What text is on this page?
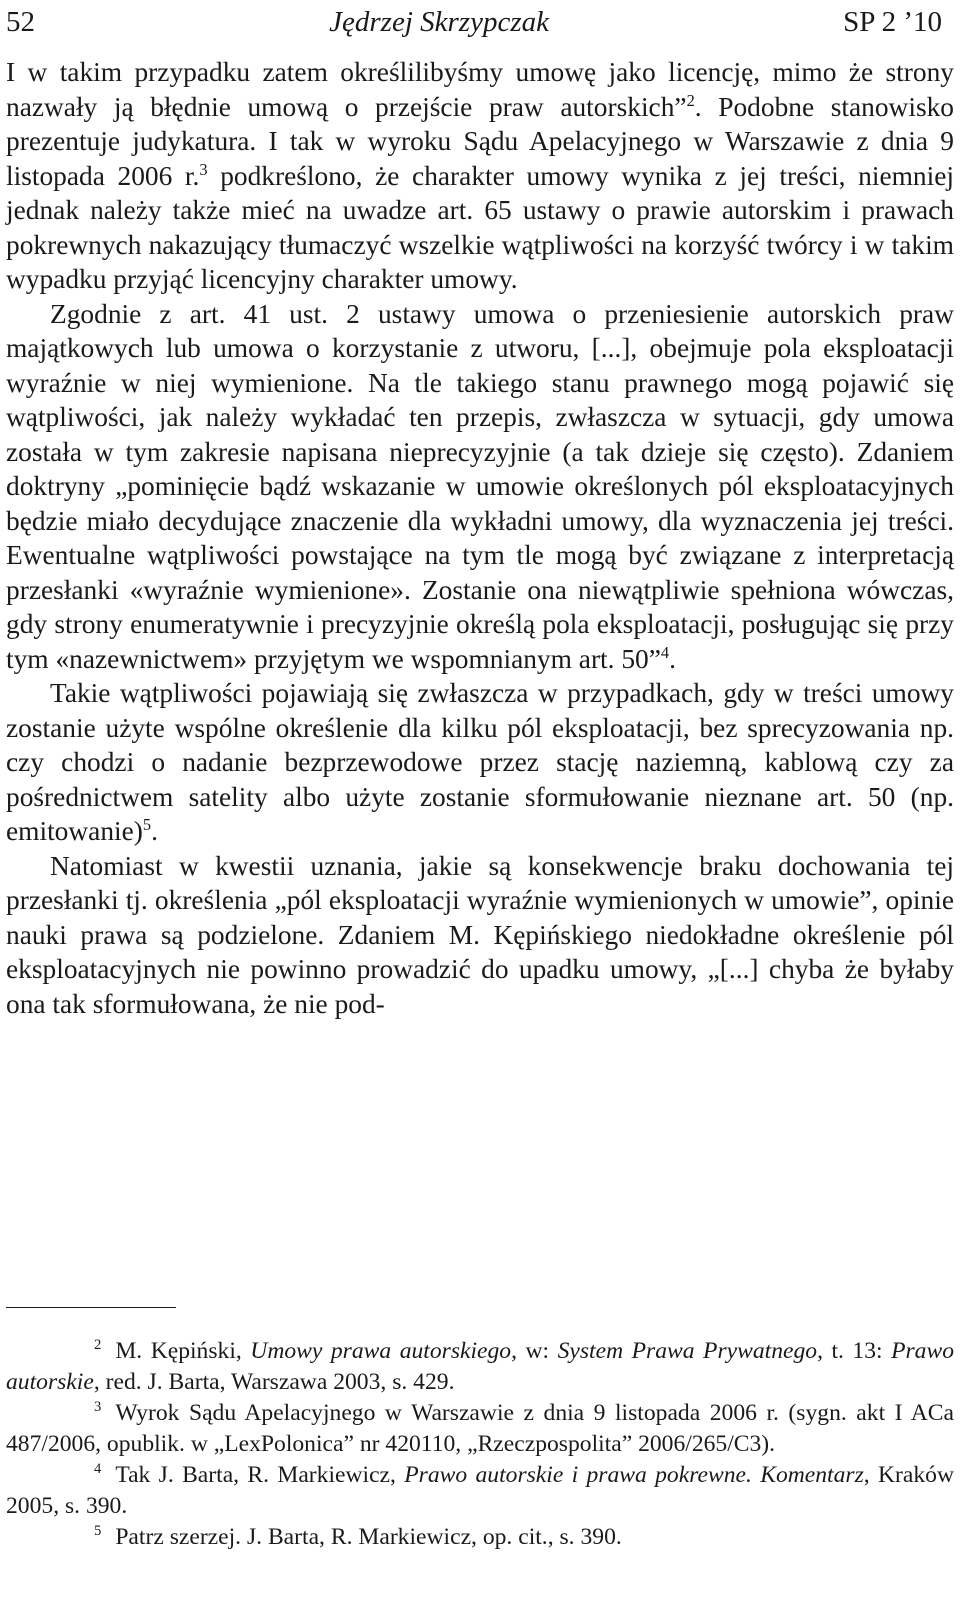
52	Jędrzej Skrzypczak	SP 2 ’10

I w takim przypadku zatem określilibyśmy umowę jako licencję, mimo że strony nazwały ją błędnie umową o przejście praw autorskich”$^2$. Podobne stanowisko prezentuje judykatura. I tak w wyroku Sądu Apelacyjnego w Warszawie z dnia 9 listopada 2006 r.$^3$ podkreślono, że charakter umowy wynika z jej treści, niemniej jednak należy także mieć na uwadze art. 65 ustawy o prawie autorskim i prawach pokrewnych nakazujący tłumaczyć wszelkie wątpliwości na korzyść twórcy i w takim wypadku przyjąć licencyjny charakter umowy.

Zgodnie z art. 41 ust. 2 ustawy umowa o przeniesienie autorskich praw majątkowych lub umowa o korzystanie z utworu, [...], obejmuje pola eksploatacji wyraźnie w niej wymienione. Na tle takiego stanu prawnego mogą pojawić się wątpliwości, jak należy wykładać ten przepis, zwłaszcza w sytuacji, gdy umowa została w tym zakresie napisana nieprecyzyjnie (a tak dzieje się często). Zdaniem doktryny „pominięcie bądź wskazanie w umowie określonych pól eksploatacyjnych będzie miało decydujące znaczenie dla wykładni umowy, dla wyznaczenia jej treści. Ewentualne wątpliwości powstające na tym tle mogą być związane z interpretacją przesłanki «wyraźnie wymienione». Zostanie ona niewątpliwie spełniona wówczas, gdy strony enumeratywnie i precyzyjnie określą pola eksploatacji, posługując się przy tym «nazewnictwem» przyjętym we wspomnianym art. 50”$^4$.

Takie wątpliwości pojawiają się zwłaszcza w przypadkach, gdy w treści umowy zostanie użyte wspólne określenie dla kilku pól eksploatacji, bez sprecyzowania np. czy chodzi o nadanie bezprzewodowe przez stację naziemną, kablową czy za pośrednictwem satelity albo użyte zostanie sformułowanie nieznane art. 50 (np. emitowanie)$^5$.

Natomiast w kwestii uznania, jakie są konsekwencje braku dochowania tej przesłanki tj. określenia „pól eksploatacji wyraźnie wymienionych w umowie”, opinie nauki prawa są podzielone. Zdaniem M. Kępińskiego niedokładne określenie pól eksploatacyjnych nie powinno prowadzić do upadku umowy, „[...] chyba że byłaby ona tak sformułowana, że nie pod-

2 M. Kępiński, Umowy prawa autorskiego, w: System Prawa Prywatnego, t. 13: Prawo autorskie, red. J. Barta, Warszawa 2003, s. 429.

3 Wyrok Sądu Apelacyjnego w Warszawie z dnia 9 listopada 2006 r. (sygn. akt I ACa 487/2006, opublik. w „LexPolonica” nr 420110, „Rzeczpospolita” 2006/265/C3).

4 Tak J. Barta, R. Markiewicz, Prawo autorskie i prawa pokrewne. Komentarz, Kraków 2005, s. 390.

5 Patrz szerzej. J. Barta, R. Markiewicz, op. cit., s. 390.
